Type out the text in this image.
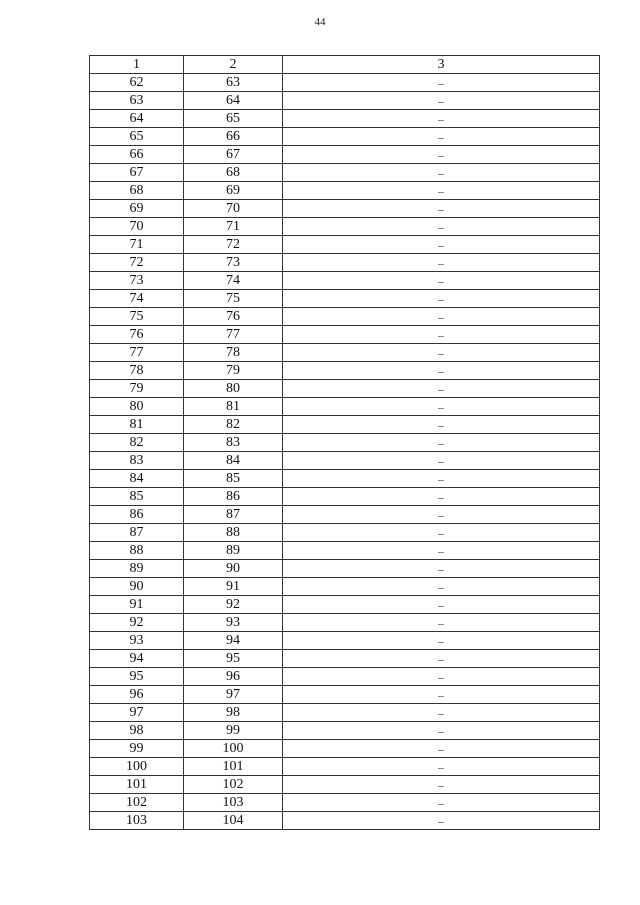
44
1	2	3
62	63	–
63	64	–
64	65	–
65	66	–
66	67	–
67	68	–
68	69	–
69	70	–
70	71	–
71	72	–
72	73	–
73	74	–
74	75	–
75	76	–
76	77	–
77	78	–
78	79	–
79	80	–
80	81	–
81	82	–
82	83	–
83	84	–
84	85	–
85	86	–
86	87	–
87	88	–
88	89	–
89	90	–
90	91	–
91	92	–
92	93	–
93	94	–
94	95	–
95	96	–
96	97	–
97	98	–
98	99	–
99	100	–
100	101	–
101	102	–
102	103	–
103	104	–
